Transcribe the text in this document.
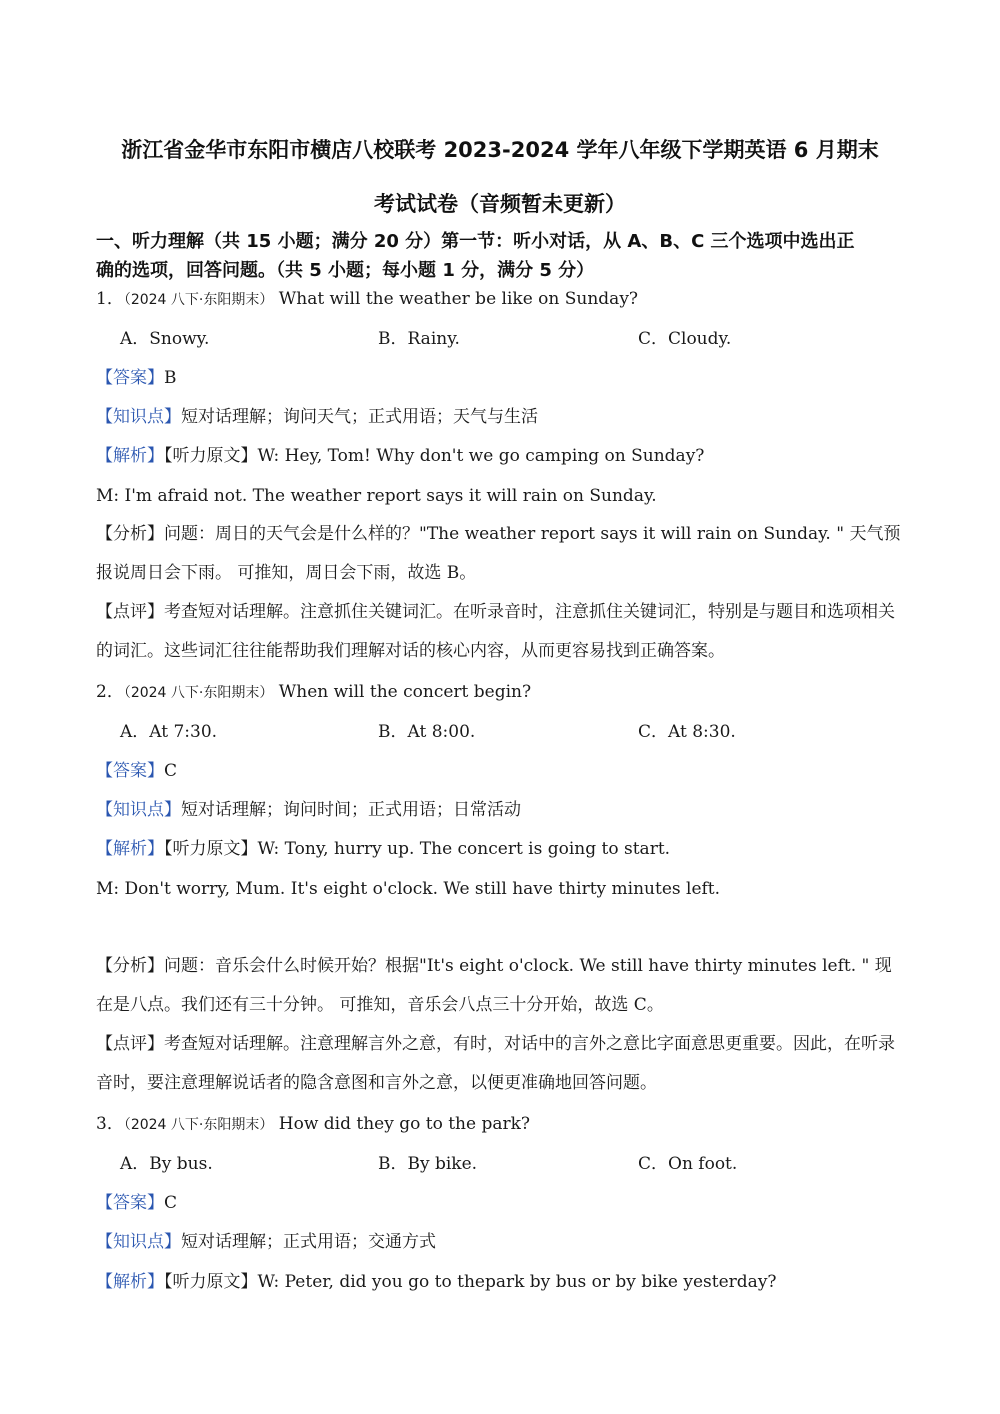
浙江省金华市东阳市横店八校联考 2023-2024 学年八年级下学期英语 6 月期末
考试试卷（音频暂未更新）
一、听力理解（共 15 小题；满分 20 分）第一节：听小对话，从 A、B、C 三个选项中选出正
确的选项，回答问题。（共 5 小题；每小题 1 分，满分 5 分）
1．（2024 八下·东阳期末） What will the weather be like on Sunday?
A．Snowy.	B．Rainy.	C．Cloudy.
【答案】B
【知识点】短对话理解；询问天气；正式用语；天气与生活
【解析】【听力原文】W: Hey, Tom! Why don't we go camping on Sunday?
M: I'm afraid not. The weather report says it will rain on Sunday.
【分析】问题：周日的天气会是什么样的？"The weather report says it will rain on Sunday. " 天气预报说周日会下雨。 可推知，周日会下雨，故选 B。
【点评】考查短对话理解。注意抓住关键词汇。在听录音时，注意抓住关键词汇，特别是与题目和选项相关的词汇。这些词汇往往能帮助我们理解对话的核心内容，从而更容易找到正确答案。
2．（2024 八下·东阳期末） When will the concert begin?
A．At 7:30.	B．At 8:00.	C．At 8:30.
【答案】C
【知识点】短对话理解；询问时间；正式用语；日常活动
【解析】【听力原文】W: Tony, hurry up. The concert is going to start.
M: Don't worry, Mum. It's eight o'clock. We still have thirty minutes left.
【分析】问题：音乐会什么时候开始？根据"It's eight o'clock. We still have thirty minutes left. " 现在是八点。我们还有三十分钟。 可推知，音乐会八点三十分开始，故选 C。
【点评】考查短对话理解。注意理解言外之意，有时，对话中的言外之意比字面意思更重要。因此，在听录音时，要注意理解说话者的隐含意图和言外之意，以便更准确地回答问题。
3．（2024 八下·东阳期末） How did they go to the park?
A．By bus.	B．By bike.	C．On foot.
【答案】C
【知识点】短对话理解；正式用语；交通方式
【解析】【听力原文】W: Peter, did you go to thepark by bus or by bike yesterday?
